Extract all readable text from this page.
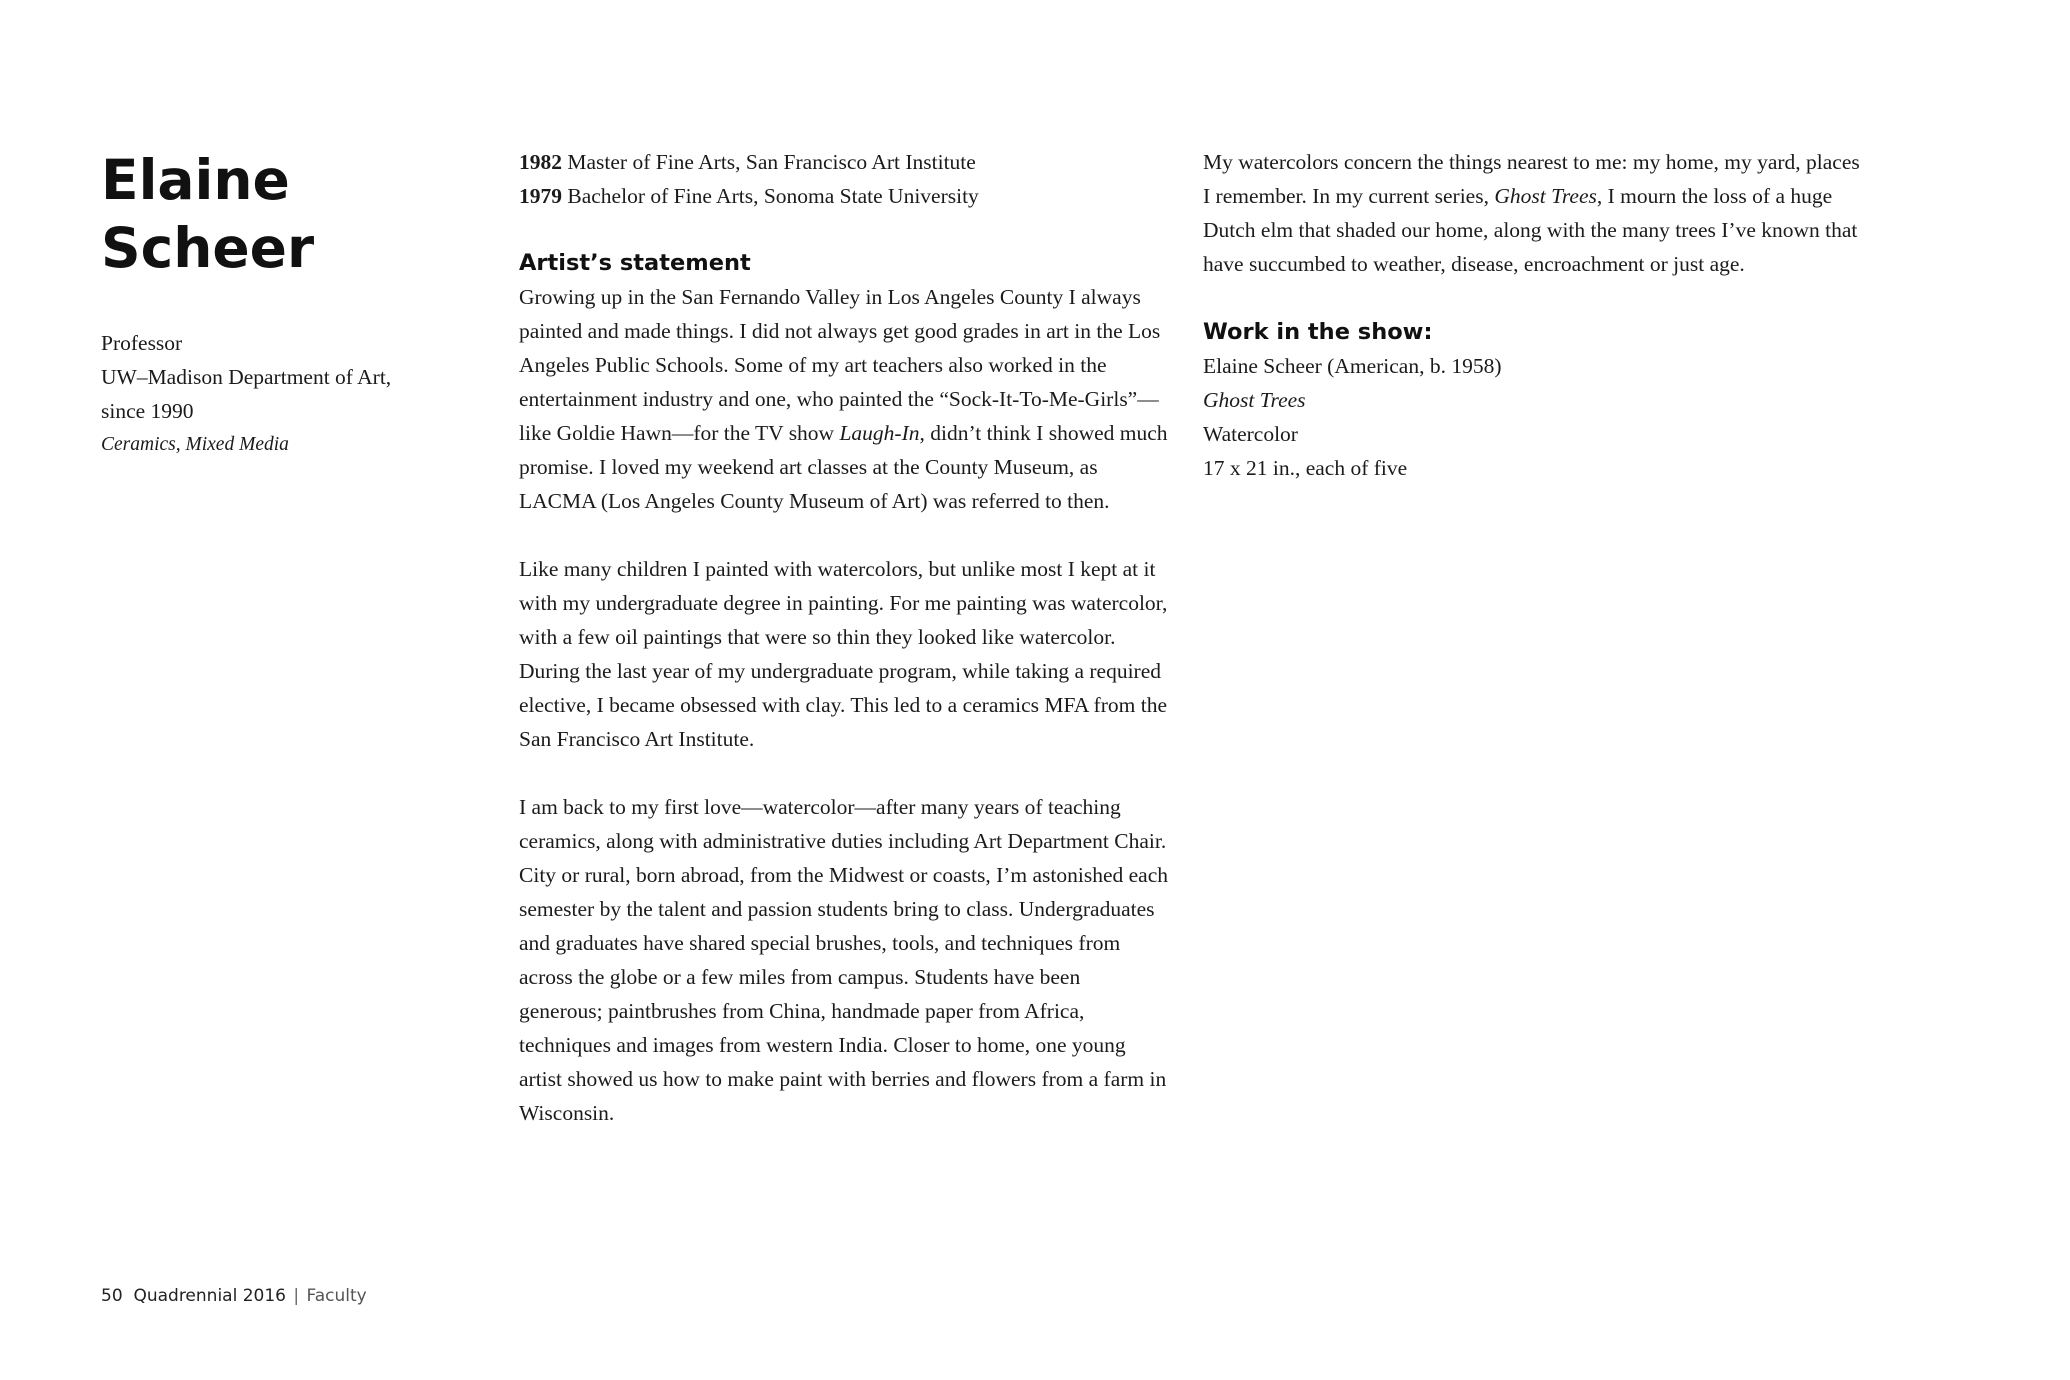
Elaine
Scheer
Professor
UW–Madison Department of Art,
since 1990
Ceramics, Mixed Media
1982 Master of Fine Arts, San Francisco Art Institute
1979 Bachelor of Fine Arts, Sonoma State University
Artist’s statement

Growing up in the San Fernando Valley in Los Angeles County I always painted and made things. I did not always get good grades in art in the Los Angeles Public Schools. Some of my art teachers also worked in the entertainment industry and one, who painted the “Sock-It-To-Me-Girls”—like Goldie Hawn—for the TV show Laugh-In, didn’t think I showed much promise. I loved my weekend art classes at the County Museum, as LACMA (Los Angeles County Museum of Art) was referred to then.

Like many children I painted with watercolors, but unlike most I kept at it with my undergraduate degree in painting. For me painting was watercolor, with a few oil paintings that were so thin they looked like watercolor. During the last year of my undergraduate program, while taking a required elective, I became obsessed with clay. This led to a ceramics MFA from the San Francisco Art Institute.

I am back to my first love—watercolor—after many years of teaching ceramics, along with administrative duties including Art Department Chair. City or rural, born abroad, from the Midwest or coasts, I’m astonished each semester by the talent and passion students bring to class. Undergraduates and graduates have shared special brushes, tools, and techniques from across the globe or a few miles from campus. Students have been generous; paintbrushes from China, handmade paper from Africa, techniques and images from western India. Closer to home, one young artist showed us how to make paint with berries and flowers from a farm in Wisconsin.

My watercolors concern the things nearest to me: my home, my yard, places I remember. In my current series, Ghost Trees, I mourn the loss of a huge Dutch elm that shaded our home, along with the many trees I’ve known that have succumbed to weather, disease, encroachment or just age.

Work in the show:
Elaine Scheer (American, b. 1958)
Ghost Trees
Watercolor
17 x 21 in., each of five
50 Quadrennial 2016 | Faculty
